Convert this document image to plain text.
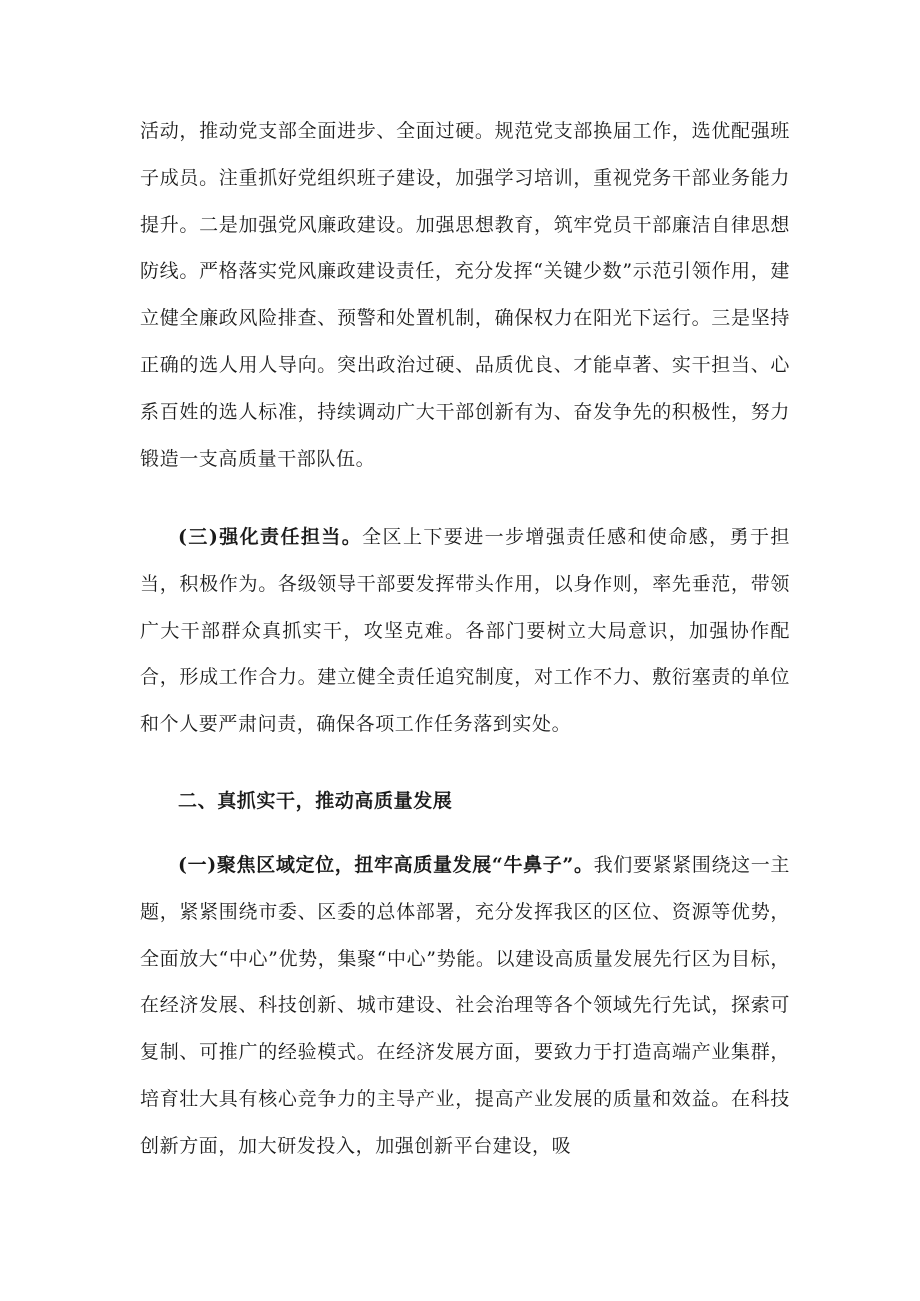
活动，推动党支部全面进步、全面过硬。规范党支部换届工作，选优配强班子成员。注重抓好党组织班子建设，加强学习培训，重视党务干部业务能力提升。二是加强党风廉政建设。加强思想教育，筑牢党员干部廉洁自律思想防线。严格落实党风廉政建设责任，充分发挥“关键少数”示范引领作用，建立健全廉政风险排查、预警和处置机制，确保权力在阳光下运行。三是坚持正确的选人用人导向。突出政治过硬、品质优良、才能卓著、实干担当、心系百姓的选人标准，持续调动广大干部创新有为、奋发争先的积极性，努力锻造一支高质量干部队伍。

(三)强化责任担当。全区上下要进一步增强责任感和使命感，勇于担当，积极作为。各级领导干部要发挥带头作用，以身作则，率先垂范，带领广大干部群众真抓实干，攻坚克难。各部门要树立大局意识，加强协作配合，形成工作合力。建立健全责任追究制度，对工作不力、敷衍塞责的单位和个人要严肃问责，确保各项工作任务落到实处。

二、真抓实干，推动高质量发展

(一)聚焦区域定位，扭牢高质量发展“牛鼻子”。我们要紧紧围绕这一主题，紧紧围绕市委、区委的总体部署，充分发挥我区的区位、资源等优势，全面放大“中心”优势，集聚“中心”势能。以建设高质量发展先行区为目标，在经济发展、科技创新、城市建设、社会治理等各个领域先行先试，探索可复制、可推广的经验模式。在经济发展方面，要致力于打造高端产业集群，培育壮大具有核心竞争力的主导产业，提高产业发展的质量和效益。在科技创新方面，加大研发投入，加强创新平台建设，吸
